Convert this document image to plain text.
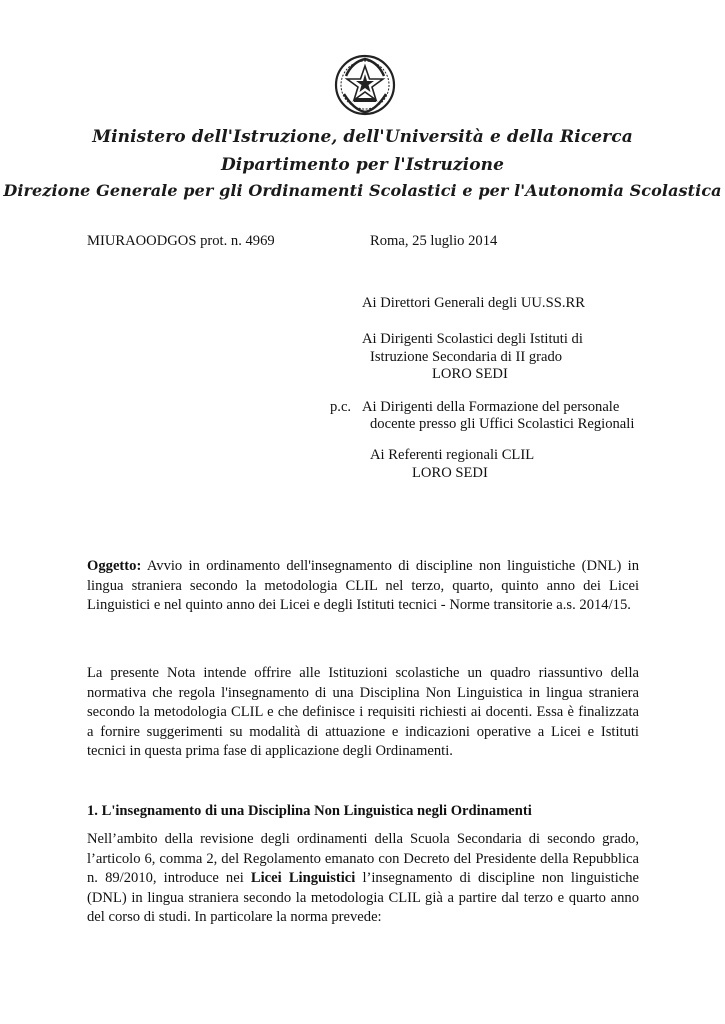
Ministero dell'Istruzione, dell'Università e della Ricerca
Dipartimento per l'Istruzione
Direzione Generale per gli Ordinamenti Scolastici e per l'Autonomia Scolastica
MIURAOODGOS prot. n. 4969	Roma, 25 luglio 2014
Ai Direttori Generali degli UU.SS.RR
Ai Dirigenti Scolastici degli Istituti di
Istruzione Secondaria di II grado
LORO SEDI
p.c. Ai Dirigenti della Formazione del personale
docente presso gli Uffici Scolastici Regionali
Ai Referenti regionali CLIL
LORO SEDI
Oggetto: Avvio in ordinamento dell'insegnamento di discipline non linguistiche (DNL) in lingua straniera secondo la metodologia CLIL nel terzo, quarto, quinto anno dei Licei Linguistici e nel quinto anno dei Licei e degli Istituti tecnici - Norme transitorie a.s. 2014/15.
La presente Nota intende offrire alle Istituzioni scolastiche un quadro riassuntivo della normativa che regola l'insegnamento di una Disciplina Non Linguistica in lingua straniera secondo la metodologia CLIL e che definisce i requisiti richiesti ai docenti. Essa è finalizzata a fornire suggerimenti su modalità di attuazione e indicazioni operative a Licei e Istituti tecnici in questa prima fase di applicazione degli Ordinamenti.
1. L'insegnamento di una Disciplina Non Linguistica negli Ordinamenti
Nell’ambito della revisione degli ordinamenti della Scuola Secondaria di secondo grado, l’articolo 6, comma 2, del Regolamento emanato con Decreto del Presidente della Repubblica n. 89/2010, introduce nei Licei Linguistici l’insegnamento di discipline non linguistiche (DNL) in lingua straniera secondo la metodologia CLIL già a partire dal terzo e quarto anno del corso di studi. In particolare la norma prevede:
